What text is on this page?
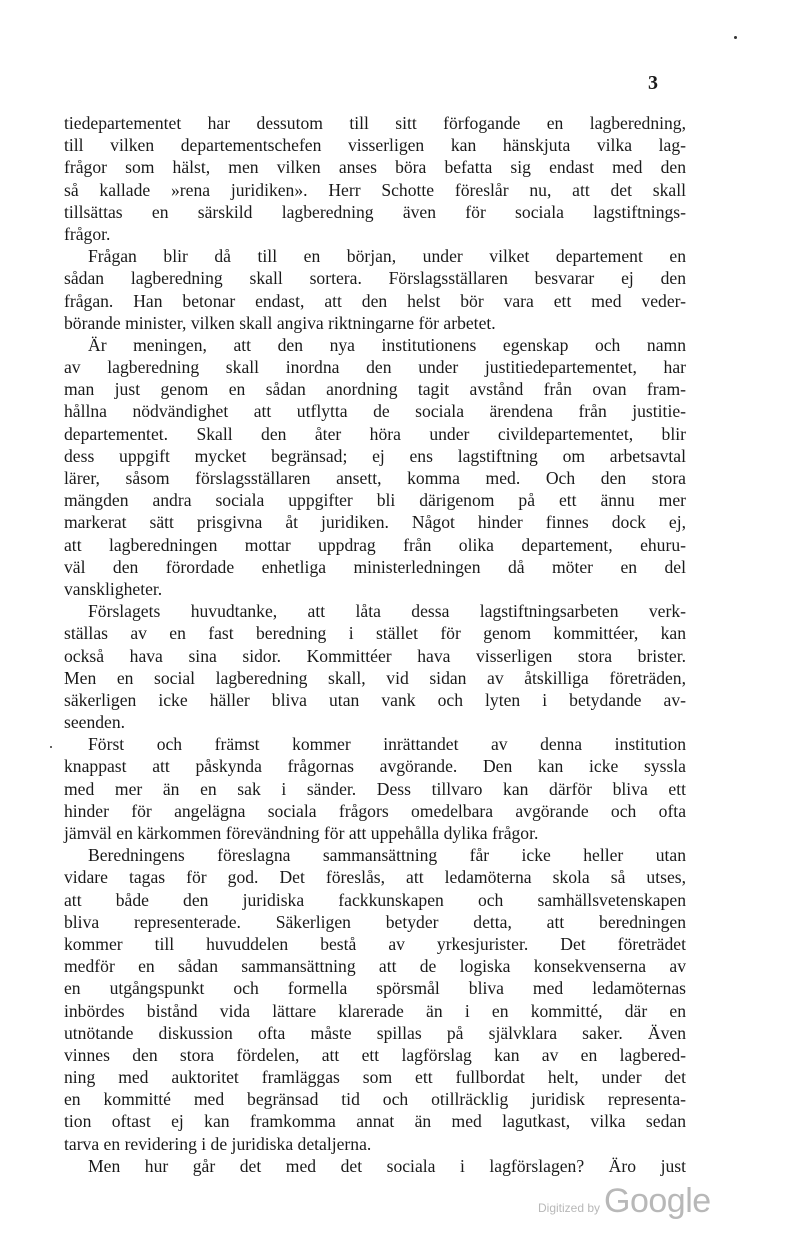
3
tiedepartementet har dessutom till sitt förfogande en lagberedning,
till vilken departementschefen visserligen kan hänskjuta vilka lag-
frågor som hälst, men vilken anses böra befatta sig endast med den
så kallade »rena juridiken». Herr Schotte föreslår nu, att det skall
tillsättas en särskild lagberedning även för sociala lagstiftnings-
frågor.
Frågan blir då till en början, under vilket departement en
sådan lagberedning skall sortera. Förslagsställaren besvarar ej den
frågan. Han betonar endast, att den helst bör vara ett med veder-
börande minister, vilken skall angiva riktningarne för arbetet.
Är meningen, att den nya institutionens egenskap och namn
av lagberedning skall inordna den under justitiedepartementet, har
man just genom en sådan anordning tagit avstånd från ovan fram-
hållna nödvändighet att utflytta de sociala ärendena från justitie-
departementet. Skall den åter höra under civildepartementet, blir
dess uppgift mycket begränsad; ej ens lagstiftning om arbetsavtal
lärer, såsom förslagsställaren ansett, komma med. Och den stora
mängden andra sociala uppgifter bli därigenom på ett ännu mer
markerat sätt prisgivna åt juridiken. Något hinder finnes dock ej,
att lagberedningen mottar uppdrag från olika departement, ehuru-
väl den förordade enhetliga ministerledningen då möter en del
vanskligheter.
Förslagets huvudtanke, att låta dessa lagstiftningsarbeten verk-
ställas av en fast beredning i stället för genom kommittéer, kan
också hava sina sidor. Kommittéer hava visserligen stora brister.
Men en social lagberedning skall, vid sidan av åtskilliga företräden,
säkerligen icke häller bliva utan vank och lyten i betydande av-
seenden.
Först och främst kommer inrättandet av denna institution
knappast att påskynda frågornas avgörande. Den kan icke syssla
med mer än en sak i sänder. Dess tillvaro kan därför bliva ett
hinder för angelägna sociala frågors omedelbara avgörande och ofta
jämväl en kärkommen förevändning för att uppehålla dylika frågor.
Beredningens föreslagna sammansättning får icke heller utan
vidare tagas för god. Det föreslås, att ledamöterna skola så utses,
att både den juridiska fackkunskapen och samhällsvetenskapen
bliva representerade. Säkerligen betyder detta, att beredningen
kommer till huvuddelen bestå av yrkesjurister. Det företrädet
medför en sådan sammansättning att de logiska konsekvenserna av
en utgångspunkt och formella spörsmål bliva med ledamöternas
inbördes bistånd vida lättare klarerade än i en kommitté, där en
utnötande diskussion ofta måste spillas på självklara saker. Även
vinnes den stora fördelen, att ett lagförslag kan av en lagbered-
ning med auktoritet framläggas som ett fullbordat helt, under det
en kommitté med begränsad tid och otillräcklig juridisk representa-
tion oftast ej kan framkomma annat än med lagutkast, vilka sedan
tarva en revidering i de juridiska detaljerna.
Men hur går det med det sociala i lagförslagen? Äro just
Digitized by Google
